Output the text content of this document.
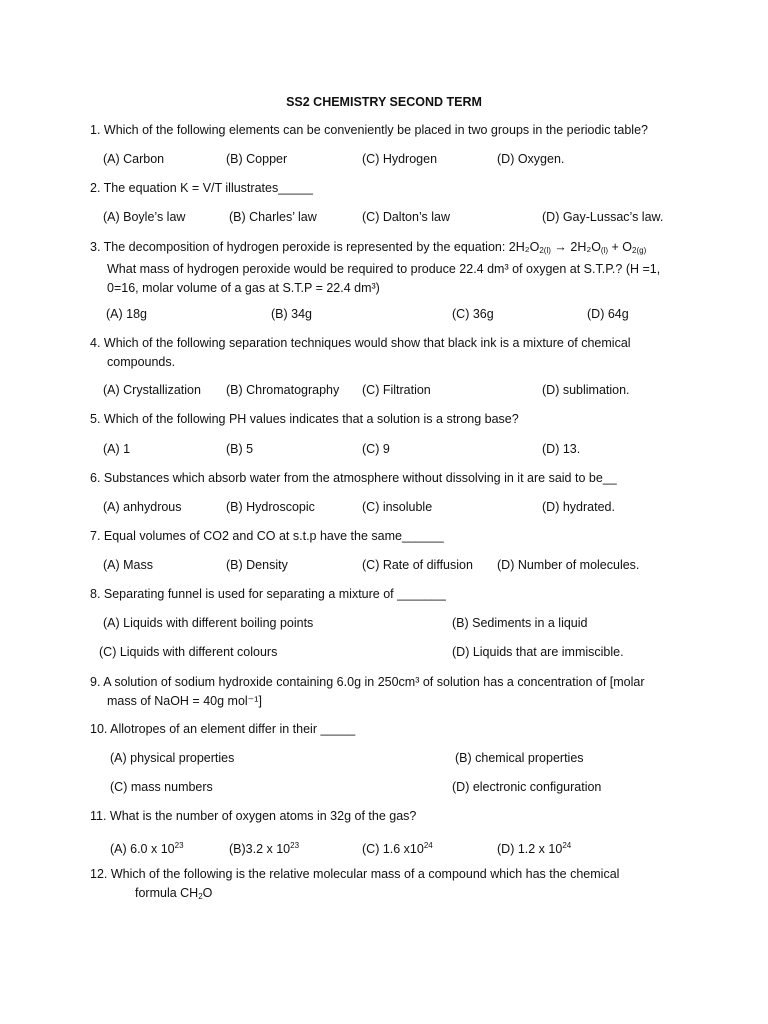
SS2 CHEMISTRY SECOND TERM
1. Which of the following elements can be conveniently be placed in two groups in the periodic table?
(A) Carbon	(B) Copper	(C) Hydrogen	(D) Oxygen.
2. The equation K = V/T illustrates_____
(A) Boyle’s law	(B) Charles’ law	(C) Dalton’s law	(D) Gay-Lussac’s law.
3. The decomposition of hydrogen peroxide is represented by the equation: $2H_2O_{2(l)} \to 2H_2O_{(l)} + O_{2(g)}$
What mass of hydrogen peroxide would be required to produce 22.4 dm³ of oxygen at S.T.P.? (H =1,
0=16, molar volume of a gas at S.T.P = 22.4 dm³)
(A) 18g	(B) 34g	(C) 36g	(D) 64g
4. Which of the following separation techniques would show that black ink is a mixture of chemical
compounds.
(A) Crystallization (B) Chromatography (C) Filtration	(D) sublimation.
5. Which of the following PH values indicates that a solution is a strong base?
(A) 1	(B) 5	(C) 9	(D) 13.
6. Substances which absorb water from the atmosphere without dissolving in it are said to be__
(A) anhydrous	(B) Hydroscopic	(C) insoluble	(D) hydrated.
7. Equal volumes of CO2 and CO at s.t.p have the same______
(A) Mass	(B) Density	(C) Rate of diffusion (D) Number of molecules.
8. Separating funnel is used for separating a mixture of _______
(A) Liquids with different boiling points	(B) Sediments in a liquid
(C) Liquids with different colours	(D) Liquids that are immiscible.
9. A solution of sodium hydroxide containing 6.0g in 250cm³ of solution has a concentration of [molar
mass of NaOH = 40g mol⁻¹]
10. Allotropes of an element differ in their _____
(A) physical properties	(B) chemical properties
(C) mass numbers	(D) electronic configuration
11. What is the number of oxygen atoms in 32g of the gas?
(A) 6.0 x $10^{23}$	(B)3.2 x $10^{23}$	(C) 1.6 $x10^{24}$	(D) 1.2 x $10^{24}$
12. Which of the following is the relative molecular mass of a compound which has the chemical
formula $CH_2O$
